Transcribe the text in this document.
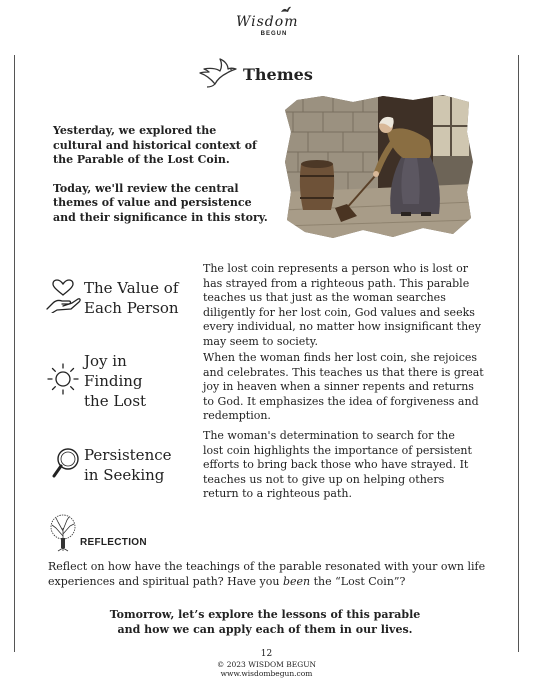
Wisdom
BEGUN
Themes

Yesterday, we explored the cultural and historical context of the Parable of the Lost Coin.

Today, we'll review the central themes of value and persistence and their significance in this story.

The Value of
Each Person
The lost coin represents a person who is lost or has strayed from a righteous path. This parable teaches us that just as the woman searches diligently for her lost coin, God values and seeks every individual, no matter how insignificant they may seem to society.
Joy in
Finding
the Lost
When the woman finds her lost coin, she rejoices and celebrates. This teaches us that there is great joy in heaven when a sinner repents and returns to God. It emphasizes the idea of forgiveness and redemption.
Persistence
in Seeking
The woman's determination to search for the lost coin highlights the importance of persistent efforts to bring back those who have strayed. It teaches us not to give up on helping others return to a righteous path.
REFLECTION
Reflect on how have the teachings of the parable resonated with your own life experiences and spiritual path? Have you been the “Lost Coin”?
Tomorrow, let’s explore the lessons of this parable
and how we can apply each of them in our lives.
12
© 2023 WISDOM BEGUN
www.wisdombegun.com
